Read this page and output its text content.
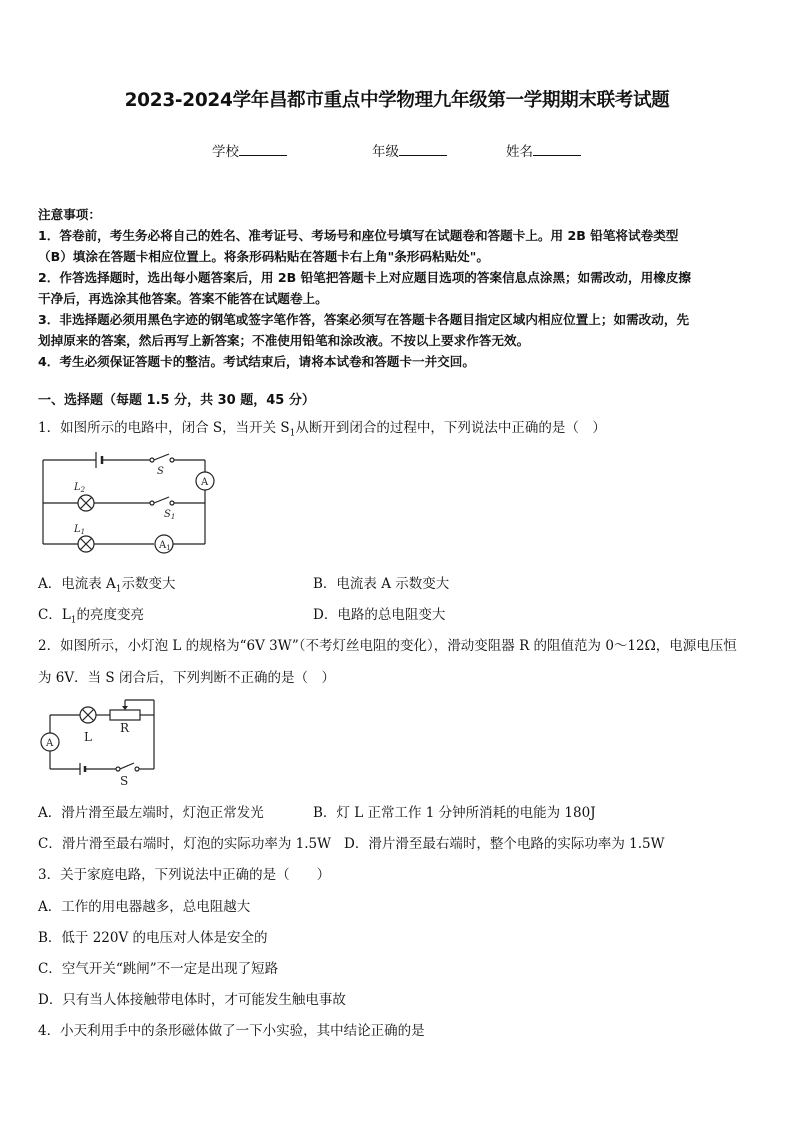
2023-2024学年昌都市重点中学物理九年级第一学期期末联考试题
学校	年级	姓名
注意事项：
1．答卷前，考生务必将自己的姓名、准考证号、考场号和座位号填写在试题卷和答题卡上。用 2B 铅笔将试卷类型
（B）填涂在答题卡相应位置上。将条形码粘贴在答题卡右上角"条形码粘贴处"。
2．作答选择题时，选出每小题答案后，用 2B 铅笔把答题卡上对应题目选项的答案信息点涂黑；如需改动，用橡皮擦
干净后，再选涂其他答案。答案不能答在试题卷上。
3．非选择题必须用黑色字迹的钢笔或签字笔作答，答案必须写在答题卡各题目指定区域内相应位置上；如需改动，先
划掉原来的答案，然后再写上新答案；不准使用铅笔和涂改液。不按以上要求作答无效。
4．考生必须保证答题卡的整洁。考试结束后，请将本试卷和答题卡一并交回。
一、选择题（每题 1.5 分，共 30 题，45 分）
1．如图所示的电路中，闭合 S，当开关 $S_1$从断开到闭合的过程中，下列说法中正确的是（　）
$L_2$
$L_1$
S
$S_1$
A
$A_1$
A．电流表 $A_1$示数变大	B．电流表 A 示数变大
C．$L_1$的亮度变亮	D．电路的总电阻变大
2．如图所示，小灯泡 L 的规格为“6V 3W”（不考灯丝电阻的变化），滑动变阻器 R 的阻值范为 0～12Ω，电源电压恒
为 6V．当 S 闭合后，下列判断不正确的是（　）
A	L
R
S
A．滑片滑至最左端时，灯泡正常发光	B．灯 L 正常工作 1 分钟所消耗的电能为 180J
C．滑片滑至最右端时，灯泡的实际功率为 1.5W D．滑片滑至最右端时，整个电路的实际功率为 1.5W
3．关于家庭电路，下列说法中正确的是（　　）
A．工作的用电器越多，总电阻越大
B．低于 220V 的电压对人体是安全的
C．空气开关“跳闸”不一定是出现了短路
D．只有当人体接触带电体时，才可能发生触电事故
4．小天利用手中的条形磁体做了一下小实验，其中结论正确的是
